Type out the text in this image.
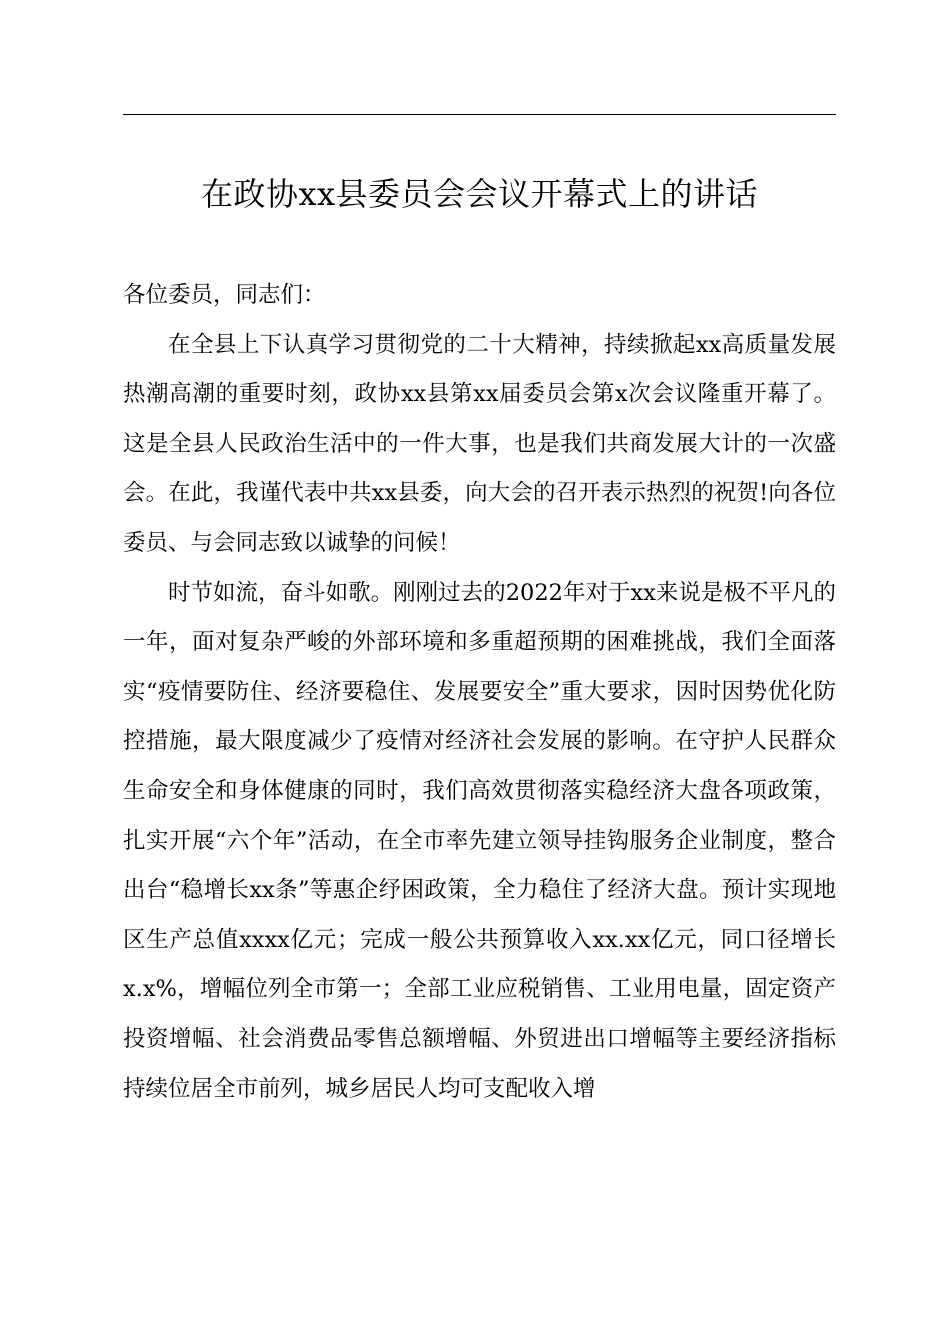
在政协xx县委员会会议开幕式上的讲话

各位委员，同志们：

在全县上下认真学习贯彻党的二十大精神，持续掀起xx高质量发展热潮高潮的重要时刻，政协xx县第xx届委员会第x次会议隆重开幕了。这是全县人民政治生活中的一件大事，也是我们共商发展大计的一次盛会。在此，我谨代表中共xx县委，向大会的召开表示热烈的祝贺!向各位委员、与会同志致以诚挚的问候！

时节如流，奋斗如歌。刚刚过去的2022年对于xx来说是极不平凡的一年，面对复杂严峻的外部环境和多重超预期的困难挑战，我们全面落实“疫情要防住、经济要稳住、发展要安全”重大要求，因时因势优化防控措施，最大限度减少了疫情对经济社会发展的影响。在守护人民群众生命安全和身体健康的同时，我们高效贯彻落实稳经济大盘各项政策，扎实开展“六个年”活动，在全市率先建立领导挂钩服务企业制度，整合出台“稳增长xx条”等惠企纾困政策，全力稳住了经济大盘。预计实现地区生产总值xxxx亿元；完成一般公共预算收入xx.xx亿元，同口径增长x.x%，增幅位列全市第一；全部工业应税销售、工业用电量，固定资产投资增幅、社会消费品零售总额增幅、外贸进出口增幅等主要经济指标持续位居全市前列，城乡居民人均可支配收入增
